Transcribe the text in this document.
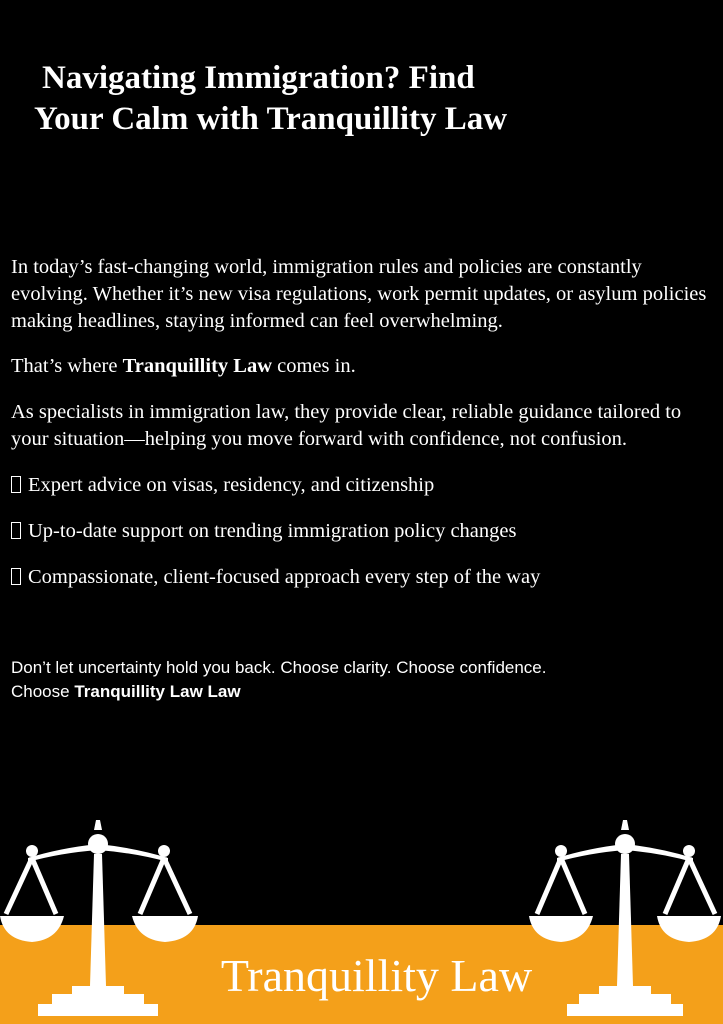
Navigating Immigration? Find
Your Calm with Tranquillity Law

In today’s fast-changing world, immigration rules and policies are constantly evolving. Whether it’s new visa regulations, work permit updates, or asylum policies making headlines, staying informed can feel overwhelming.

That’s where Tranquillity Law comes in.

As specialists in immigration law, they provide clear, reliable guidance tailored to your situation—helping you move forward with confidence, not confusion.

Expert advice on visas, residency, and citizenship
Up-to-date support on trending immigration policy changes
Compassionate, client-focused approach every step of the way
Don’t let uncertainty hold you back. Choose clarity. Choose confidence.
Choose Tranquillity Law Law
Tranquillity Law
